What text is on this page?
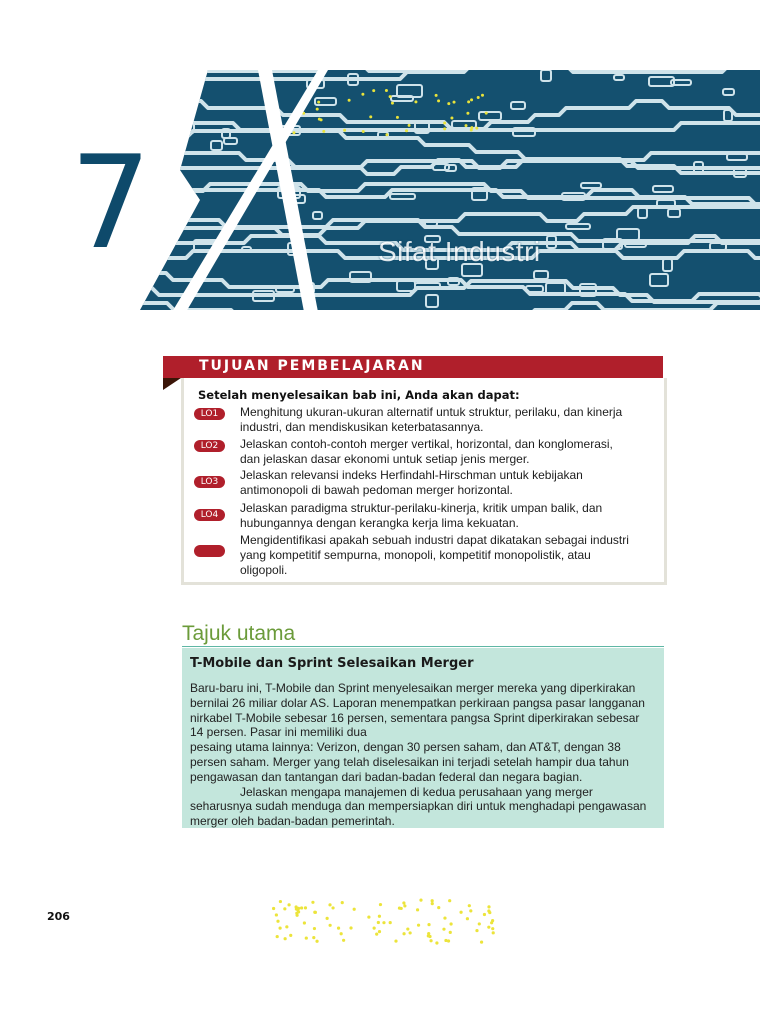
7	Sifat Industri
TUJUAN PEMBELAJARAN
Setelah menyelesaikan bab ini, Anda akan dapat:
LO1	Menghitung ukuran-ukuran alternatif untuk struktur, perilaku, dan kinerja industri, dan mendiskusikan keterbatasannya.
LO2	Jelaskan contoh-contoh merger vertikal, horizontal, dan konglomerasi, dan jelaskan dasar ekonomi untuk setiap jenis merger.
LO3	Jelaskan relevansi indeks Herfindahl-Hirschman untuk kebijakan antimonopoli di bawah pedoman merger horizontal.
LO4	Jelaskan paradigma struktur-perilaku-kinerja, kritik umpan balik, dan hubungannya dengan kerangka kerja lima kekuatan.
Mengidentifikasi apakah sebuah industri dapat dikatakan sebagai industri yang kompetitif sempurna, monopoli, kompetitif monopolistik, atau oligopoli.
Tajuk utama
T-Mobile dan Sprint Selesaikan Merger

Baru-baru ini, T-Mobile dan Sprint menyelesaikan merger mereka yang diperkirakan bernilai 26 miliar dolar AS. Laporan menempatkan perkiraan pangsa pasar langganan nirkabel T-Mobile sebesar 16 persen, sementara pangsa Sprint diperkirakan sebesar 14 persen. Pasar ini memiliki dua

pesaing utama lainnya: Verizon, dengan 30 persen saham, dan AT&T, dengan 38 persen saham. Merger yang telah diselesaikan ini terjadi setelah hampir dua tahun pengawasan dan tantangan dari badan-badan federal dan negara bagian.

Jelaskan mengapa manajemen di kedua perusahaan yang merger seharusnya sudah menduga dan mempersiapkan diri untuk menghadapi pengawasan merger oleh badan-badan pemerintah.

206
